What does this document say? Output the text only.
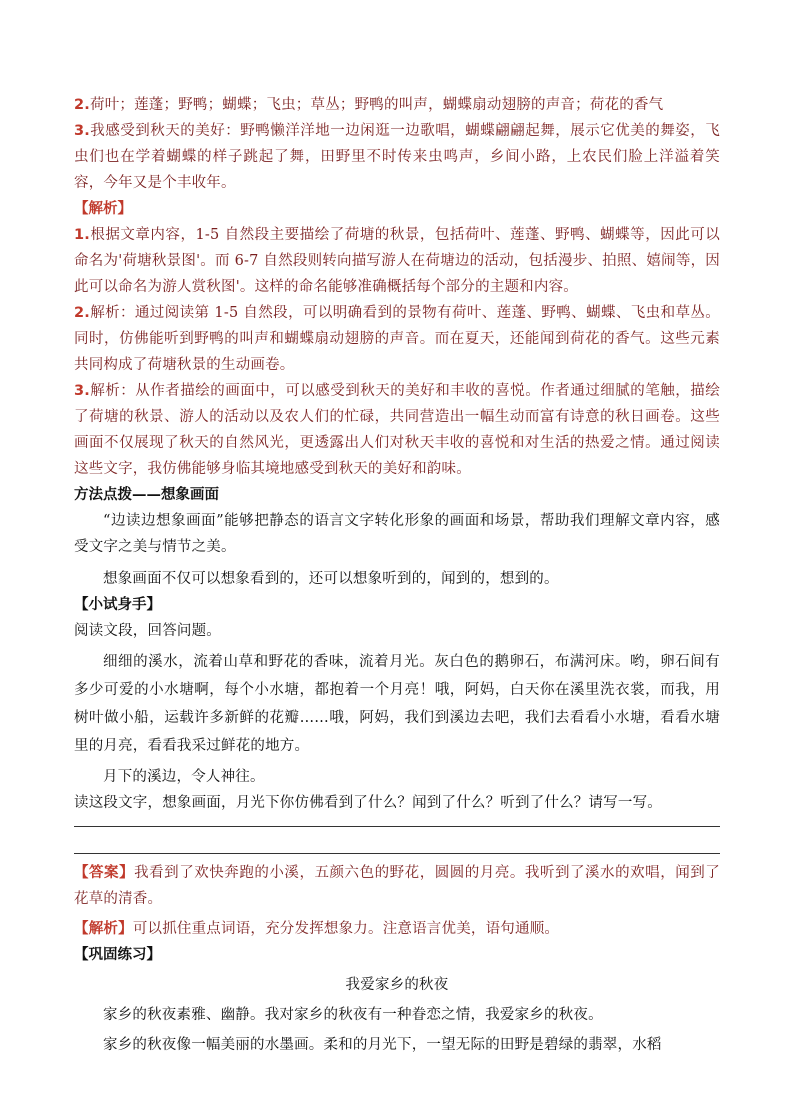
2.荷叶；莲蓬；野鸭；蝴蝶；飞虫；草丛；野鸭的叫声，蝴蝶扇动翅膀的声音；荷花的香气

3.我感受到秋天的美好：野鸭懒洋洋地一边闲逛一边歌唱，蝴蝶翩翩起舞，展示它优美的舞姿，飞虫们也在学着蝴蝶的样子跳起了舞，田野里不时传来虫鸣声，乡间小路，上农民们脸上洋溢着笑容，今年又是个丰收年。

【解析】

1.根据文章内容，1-5 自然段主要描绘了荷塘的秋景，包括荷叶、莲蓬、野鸭、蝴蝶等，因此可以命名为'荷塘秋景图'。而 6-7 自然段则转向描写游人在荷塘边的活动，包括漫步、拍照、嬉闹等，因此可以命名为游人赏秋图'。这样的命名能够准确概括每个部分的主题和内容。

2.解析：通过阅读第 1-5 自然段，可以明确看到的景物有荷叶、莲蓬、野鸭、蝴蝶、飞虫和草丛。 同时，仿佛能听到野鸭的叫声和蝴蝶扇动翅膀的声音。而在夏天，还能闻到荷花的香气。这些元素共同构成了荷塘秋景的生动画卷。

3.解析：从作者描绘的画面中，可以感受到秋天的美好和丰收的喜悦。作者通过细腻的笔触，描绘了荷塘的秋景、游人的活动以及农人们的忙碌，共同营造出一幅生动而富有诗意的秋日画卷。这些画面不仅展现了秋天的自然风光，更透露出人们对秋天丰收的喜悦和对生活的热爱之情。通过阅读这些文字，我仿佛能够身临其境地感受到秋天的美好和韵味。

方法点拨——想象画面

“边读边想象画面”能够把静态的语言文字转化形象的画面和场景，帮助我们理解文章内容，感受文字之美与情节之美。

想象画面不仅可以想象看到的，还可以想象听到的，闻到的，想到的。

【小试身手】

阅读文段，回答问题。

细细的溪水，流着山草和野花的香味，流着月光。灰白色的鹅卵石，布满河床。哟，卵石间有多少可爱的小水塘啊，每个小水塘，都抱着一个月亮！哦，阿妈，白天你在溪里洗衣裳，而我，用树叶做小船，运载许多新鲜的花瓣……哦，阿妈，我们到溪边去吧，我们去看看小水塘，看看水塘里的月亮，看看我采过鲜花的地方。

月下的溪边，令人神往。

读这段文字，想象画面，月光下你仿佛看到了什么？闻到了什么？听到了什么？请写一写。

【答案】我看到了欢快奔跑的小溪，五颜六色的野花，圆圆的月亮。我听到了溪水的欢唱，闻到了花草的清香。

【解析】可以抓住重点词语，充分发挥想象力。注意语言优美，语句通顺。

【巩固练习】

我爱家乡的秋夜

家乡的秋夜素雅、幽静。我对家乡的秋夜有一种眷恋之情，我爱家乡的秋夜。

家乡的秋夜像一幅美丽的水墨画。柔和的月光下，一望无际的田野是碧绿的翡翠，水稻
